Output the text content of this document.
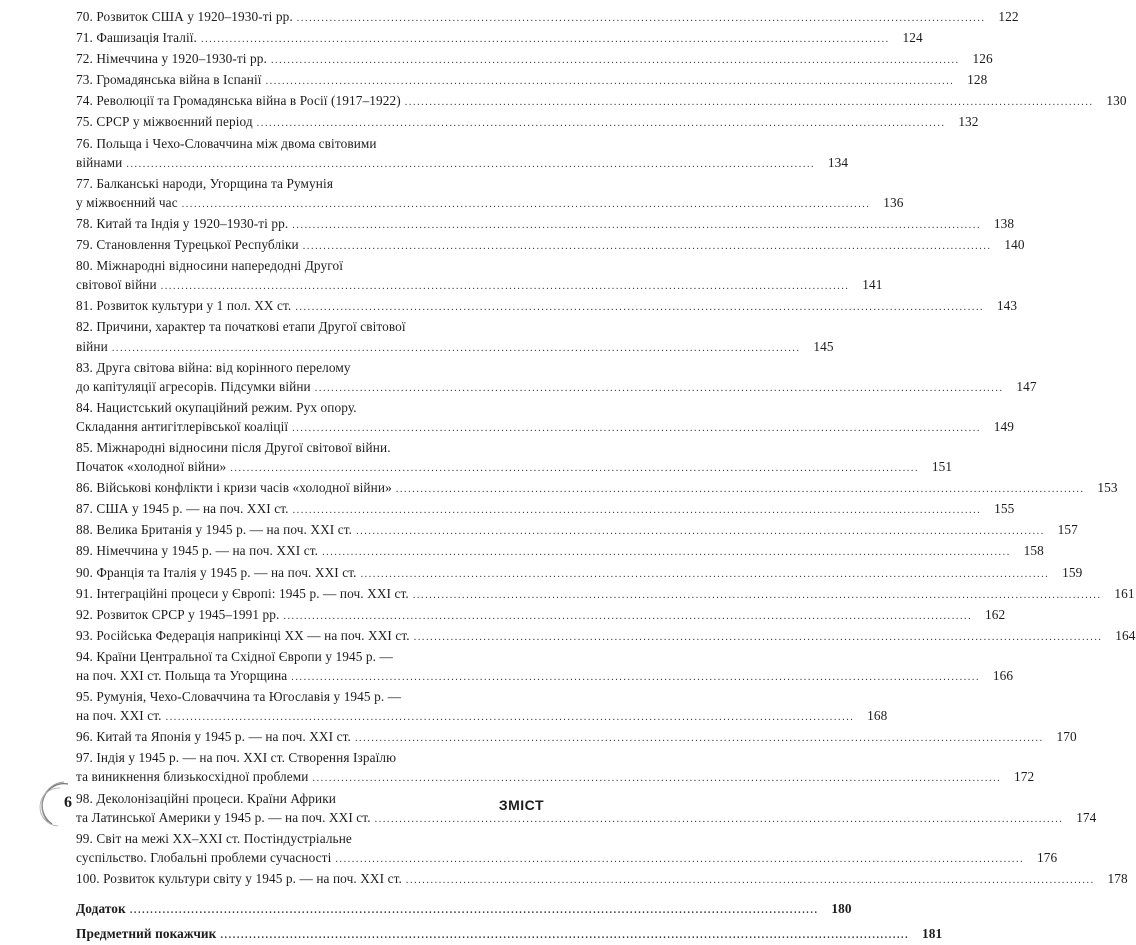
70. Розвиток США у 1920–1930-ті рр. ........................................................................................................................................................................ 122
71. Фашизація Італії. ........................................................................................................................................................................ 124
72. Німеччина у 1920–1930-ті рр. ........................................................................................................................................................................ 126
73. Громадянська війна в Іспанії ........................................................................................................................................................................ 128
74. Революції та Громадянська війна в Росії (1917–1922) ........................................................................................................................................................................ 130
75. СРСР у міжвоєнний період ........................................................................................................................................................................ 132
76. Польща і Чехо-Словаччина між двома світовими
війнами ........................................................................................................................................................................ 134
77. Балканські народи, Угорщина та Румунія
у міжвоєнний час ........................................................................................................................................................................ 136
78. Китай та Індія у 1920–1930-ті рр. ........................................................................................................................................................................ 138
79. Становлення Турецької Республіки ........................................................................................................................................................................ 140
80. Міжнародні відносини напередодні Другої
світової війни ........................................................................................................................................................................ 141
81. Розвиток культури у 1 пол. XX ст. ........................................................................................................................................................................ 143
82. Причини, характер та початкові етапи Другої світової
війни ........................................................................................................................................................................ 145
83. Друга світова війна: від корінного перелому
до капітуляції агресорів. Підсумки війни ........................................................................................................................................................................ 147
84. Нацистський окупаційний режим. Рух опору.
Складання антигітлерівської коаліції ........................................................................................................................................................................ 149
85. Міжнародні відносини після Другої світової війни.
Початок «холодної війни» ........................................................................................................................................................................ 151
86. Військові конфлікти і кризи часів «холодної війни» ........................................................................................................................................................................ 153
87. США у 1945 р. — на поч. XXI ст. ........................................................................................................................................................................ 155
88. Велика Британія у 1945 р. — на поч. XXI ст. ........................................................................................................................................................................ 157
89. Німеччина у 1945 р. — на поч. XXI ст. ........................................................................................................................................................................ 158
90. Франція та Італія у 1945 р. — на поч. XXI ст. ........................................................................................................................................................................ 159
91. Інтеграційні процеси у Європі: 1945 р. — поч. XXI ст. ........................................................................................................................................................................ 161
92. Розвиток СРСР у 1945–1991 рр. ........................................................................................................................................................................ 162
93. Російська Федерація наприкінці XX — на поч. XXI ст. ........................................................................................................................................................................ 164
94. Країни Центральної та Східної Європи у 1945 р. —
на поч. XXI ст. Польща та Угорщина ........................................................................................................................................................................ 166
95. Румунія, Чехо-Словаччина та Югославія у 1945 р. —
на поч. XXI ст. ........................................................................................................................................................................ 168
96. Китай та Японія у 1945 р. — на поч. XXI ст. ........................................................................................................................................................................ 170
97. Індія у 1945 р. — на поч. XXI ст. Створення Ізраїлю
та виникнення близькосхідної проблеми ........................................................................................................................................................................ 172
98. Деколонізаційні процеси. Країни Африки
та Латинської Америки у 1945 р. — на поч. XXI ст. ........................................................................................................................................................................ 174
99. Світ на межі XX–XXI ст. Постіндустріальне
суспільство. Глобальні проблеми сучасності ........................................................................................................................................................................ 176
100. Розвиток культури світу у 1945 р. — на поч. XXI ст. ........................................................................................................................................................................ 178
Додаток ........................................................................................................................................................................ 180
Предметний покажчик ........................................................................................................................................................................ 181
6	ЗМІСТ
